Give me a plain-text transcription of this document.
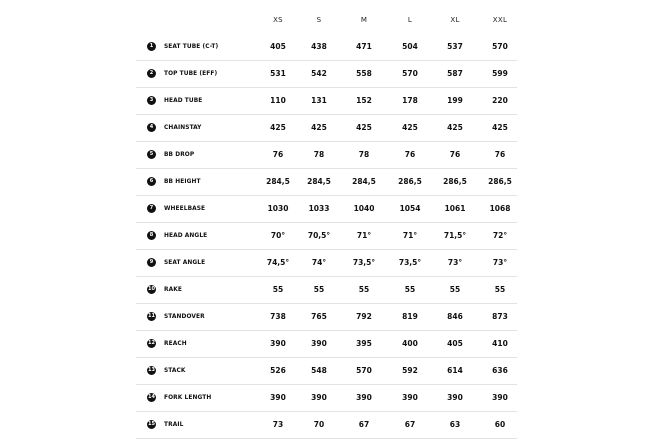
XS	S	M	L	XL	XXL
1	SEAT TUBE (C-T)	405	438	471	504	537	570
2	TOP TUBE (EFF)	531	542	558	570	587	599
3	HEAD TUBE	110	131	152	178	199	220
4	CHAINSTAY	425	425	425	425	425	425
5	BB DROP	76	78	78	76	76	76
6	BB HEIGHT	284,5	284,5	284,5	286,5	286,5	286,5
7	WHEELBASE	1030	1033	1040	1054	1061	1068
8	HEAD ANGLE	70°	70,5°	71°	71°	71,5°	72°
9	SEAT ANGLE	74,5°	74°	73,5°	73,5°	73°	73°
10 RAKE	55	55	55	55	55	55
11 STANDOVER	738	765	792	819	846	873
12 REACH	390	390	395	400	405	410
13 STACK	526	548	570	592	614	636
14 FORK LENGTH	390	390	390	390	390	390
15 TRAIL	73	70	67	67	63	60
